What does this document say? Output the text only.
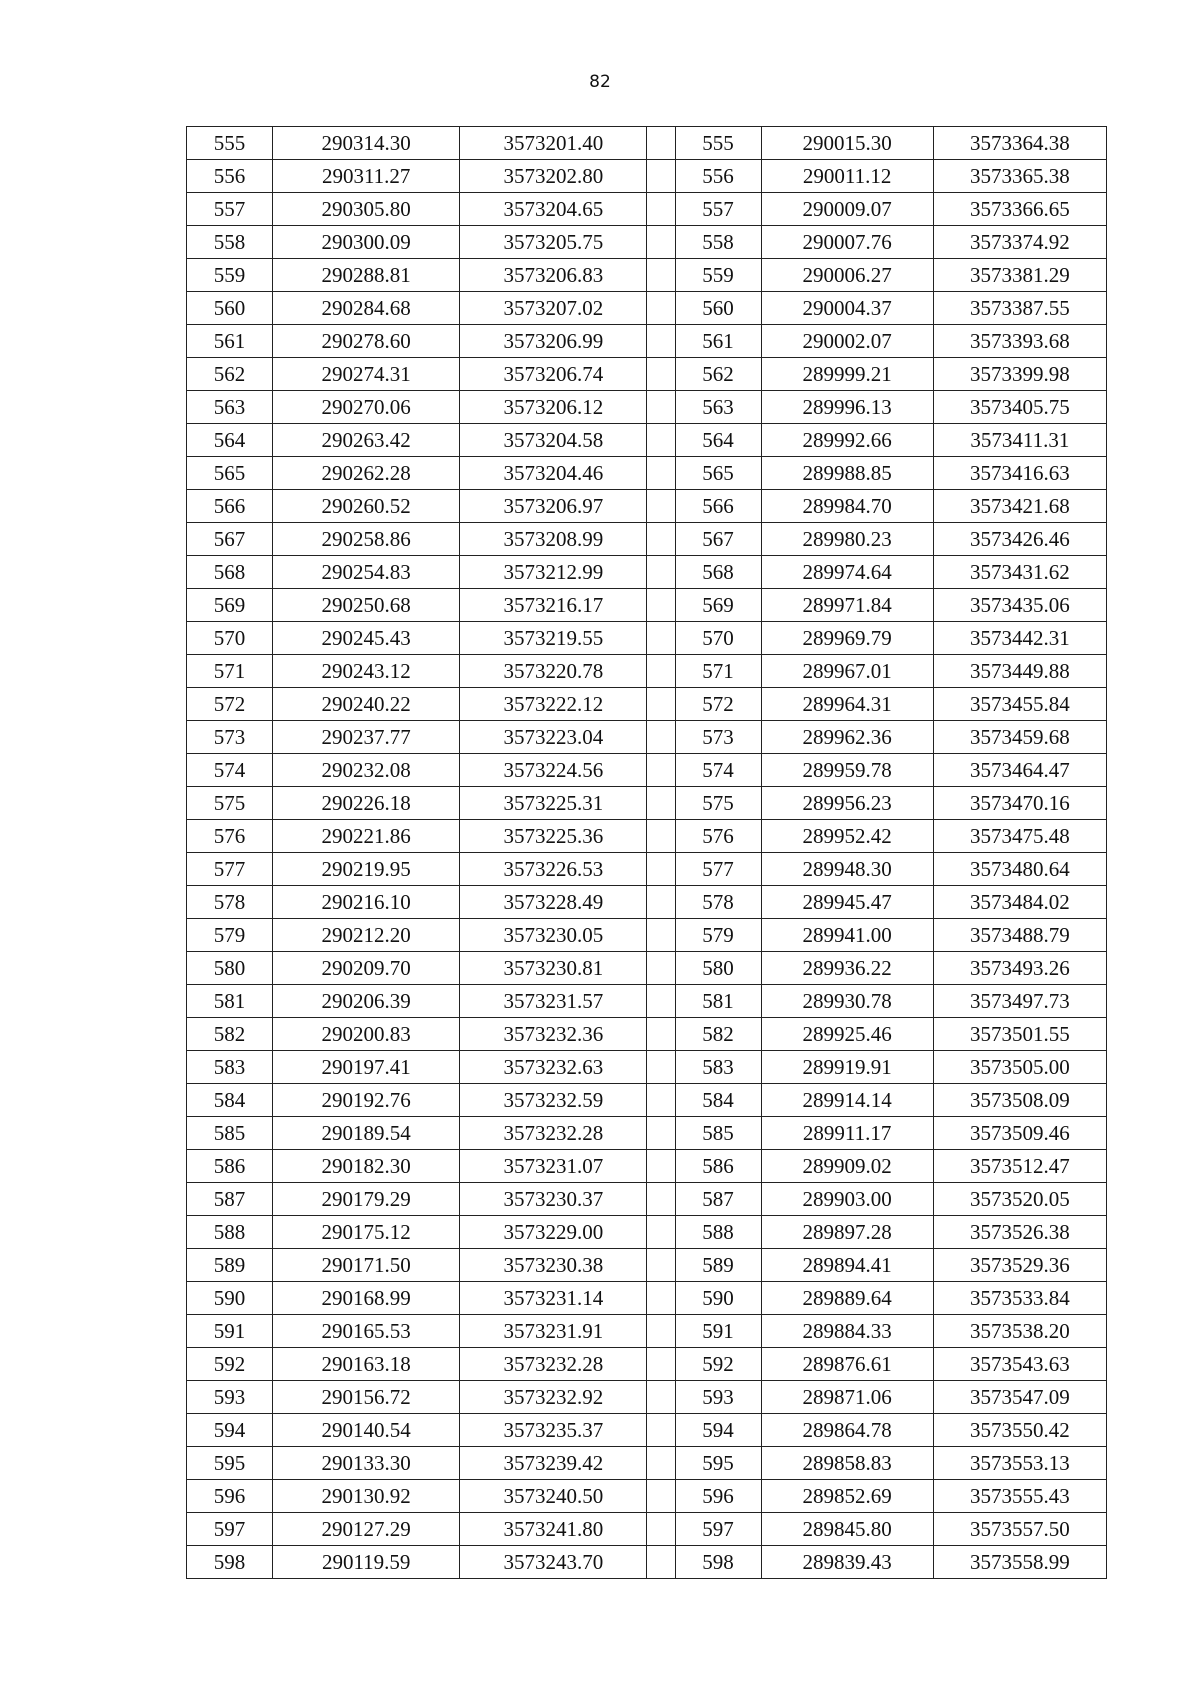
82
555	290314.30	3573201.40		555	290015.30	3573364.38
556	290311.27	3573202.80		556	290011.12	3573365.38
557	290305.80	3573204.65		557	290009.07	3573366.65
558	290300.09	3573205.75		558	290007.76	3573374.92
559	290288.81	3573206.83		559	290006.27	3573381.29
560	290284.68	3573207.02		560	290004.37	3573387.55
561	290278.60	3573206.99		561	290002.07	3573393.68
562	290274.31	3573206.74		562	289999.21	3573399.98
563	290270.06	3573206.12		563	289996.13	3573405.75
564	290263.42	3573204.58		564	289992.66	3573411.31
565	290262.28	3573204.46		565	289988.85	3573416.63
566	290260.52	3573206.97		566	289984.70	3573421.68
567	290258.86	3573208.99		567	289980.23	3573426.46
568	290254.83	3573212.99		568	289974.64	3573431.62
569	290250.68	3573216.17		569	289971.84	3573435.06
570	290245.43	3573219.55		570	289969.79	3573442.31
571	290243.12	3573220.78		571	289967.01	3573449.88
572	290240.22	3573222.12		572	289964.31	3573455.84
573	290237.77	3573223.04		573	289962.36	3573459.68
574	290232.08	3573224.56		574	289959.78	3573464.47
575	290226.18	3573225.31		575	289956.23	3573470.16
576	290221.86	3573225.36		576	289952.42	3573475.48
577	290219.95	3573226.53		577	289948.30	3573480.64
578	290216.10	3573228.49		578	289945.47	3573484.02
579	290212.20	3573230.05		579	289941.00	3573488.79
580	290209.70	3573230.81		580	289936.22	3573493.26
581	290206.39	3573231.57		581	289930.78	3573497.73
582	290200.83	3573232.36		582	289925.46	3573501.55
583	290197.41	3573232.63		583	289919.91	3573505.00
584	290192.76	3573232.59		584	289914.14	3573508.09
585	290189.54	3573232.28		585	289911.17	3573509.46
586	290182.30	3573231.07		586	289909.02	3573512.47
587	290179.29	3573230.37		587	289903.00	3573520.05
588	290175.12	3573229.00		588	289897.28	3573526.38
589	290171.50	3573230.38		589	289894.41	3573529.36
590	290168.99	3573231.14		590	289889.64	3573533.84
591	290165.53	3573231.91		591	289884.33	3573538.20
592	290163.18	3573232.28		592	289876.61	3573543.63
593	290156.72	3573232.92		593	289871.06	3573547.09
594	290140.54	3573235.37		594	289864.78	3573550.42
595	290133.30	3573239.42		595	289858.83	3573553.13
596	290130.92	3573240.50		596	289852.69	3573555.43
597	290127.29	3573241.80		597	289845.80	3573557.50
598	290119.59	3573243.70		598	289839.43	3573558.99
